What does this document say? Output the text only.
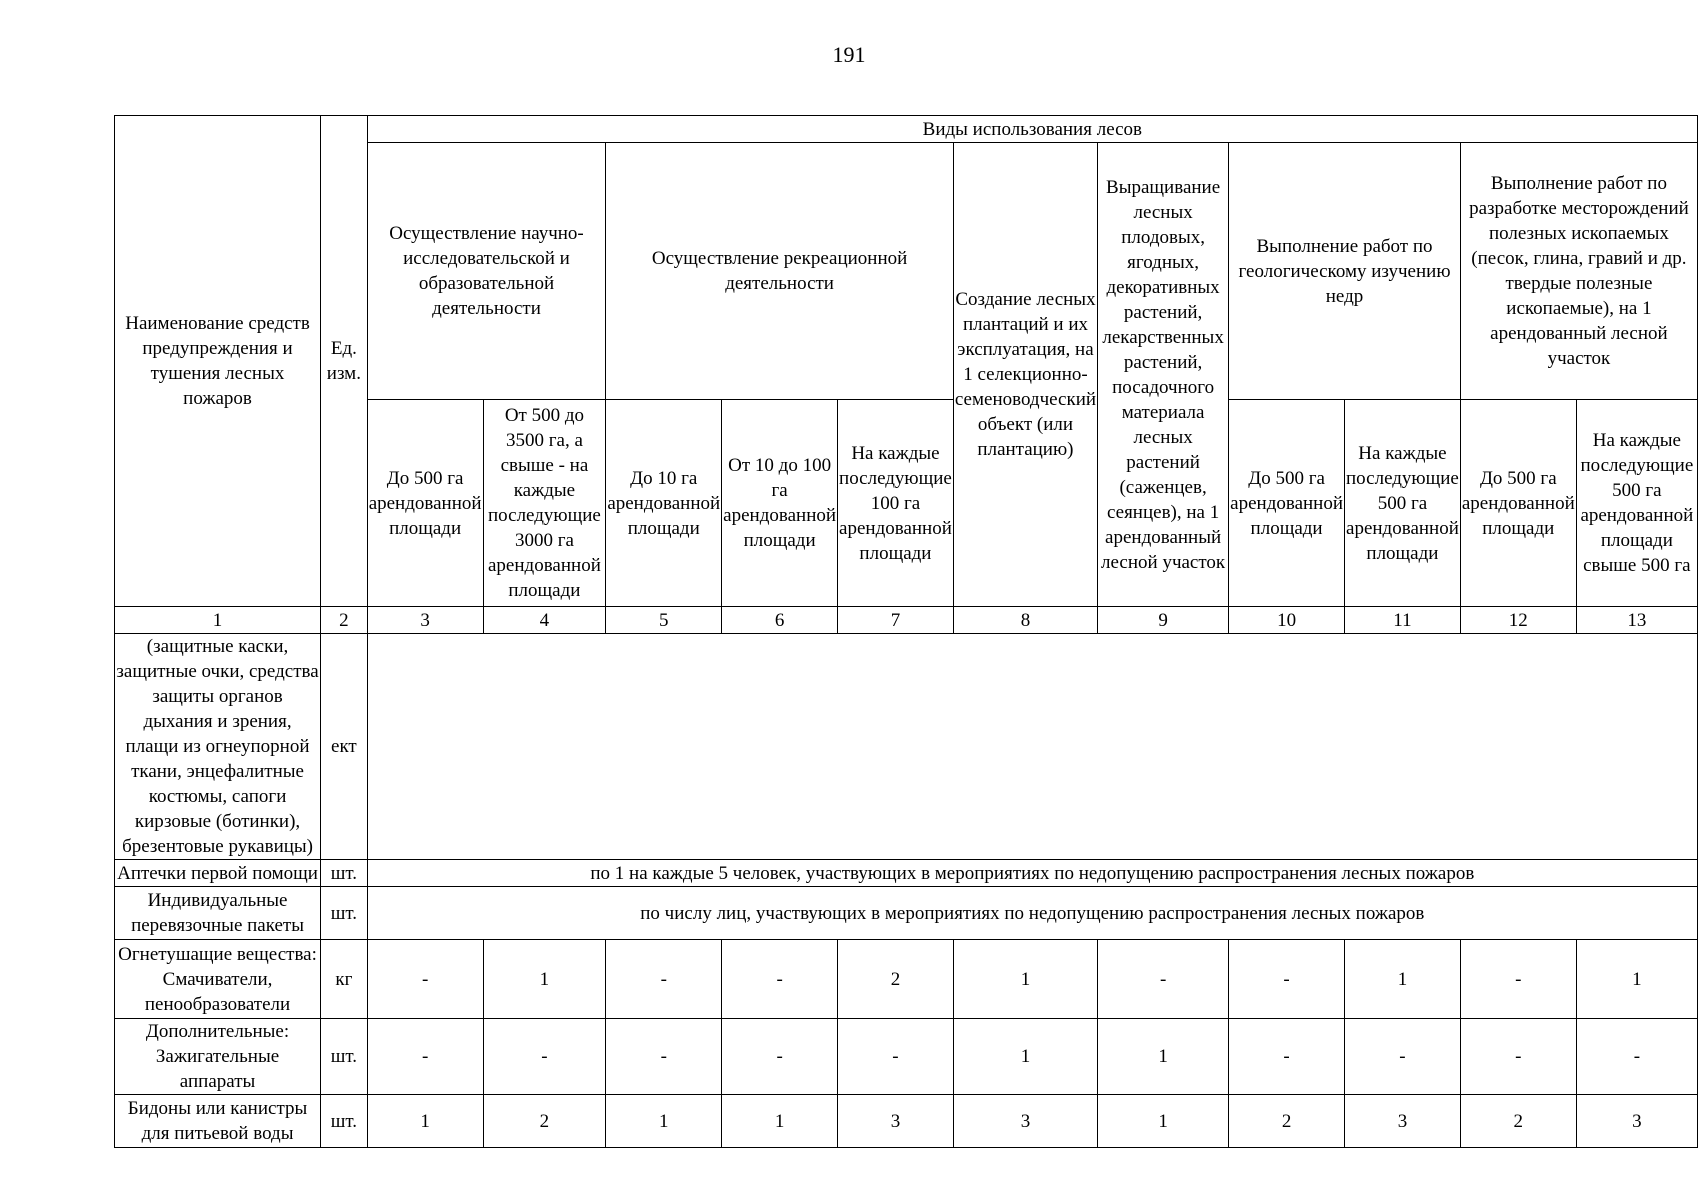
191
Наименование средств предупреждения и тушения лесных пожаров	Ед. изм.	Виды использования лесов										
		Осуществление научно-исследовательской и образовательной деятельности		Осуществление рекреационной деятельности			Создание лесных плантаций и их эксплуатация, на 1 селекционно-семеноводческий объект (или плантацию)	Выращивание лесных плодовых, ягодных, декоративных растений, лекарственных растений, посадочного материала лесных растений (саженцев, сеянцев), на 1 арендованный лесной участок	Выполнение работ по геологическому изучению недр		Выполнение работ по разработке месторождений полезных ископаемых (песок, глина, гравий и др. твердые полезные ископаемые), на 1 арендованный лесной участок	
		До 500 га арендованной площади	От 500 до 3500 га, а свыше - на каждые последующие 3000 га арендованной площади	До 10 га арендованной площади	От 10 до 100 га арендованной площади	На каждые последующие 100 га арендованной площади			До 500 га арендованной площади	На каждые последующие 500 га арендованной площади	До 500 га арендованной площади	На каждые последующие 500 га арендованной площади свыше 500 га
1	2	3	4	5	6	7	8	9	10	11	12	13
(защитные каски, защитные очки, средства защиты органов дыхания и зрения, плащи из огнеупорной ткани, энцефалитные костюмы, сапоги кирзовые (ботинки), брезентовые рукавицы)	ект											
Аптечки первой помощи	шт.	по 1 на каждые 5 человек, участвующих в мероприятиях по недопущению распространения лесных пожаров										
Индивидуальные перевязочные пакеты	шт.	по числу лиц, участвующих в мероприятиях по недопущению распространения лесных пожаров										
Огнетушащие вещества: Смачиватели, пенообразователи	кг	-	1	-	-	2	1	-	-	1	-	1
Дополнительные: Зажигательные аппараты	шт.	-	-	-	-	-	1	1	-	-	-	-
Бидоны или канистры для питьевой воды	шт.	1	2	1	1	3	3	1	2	3	2	3
